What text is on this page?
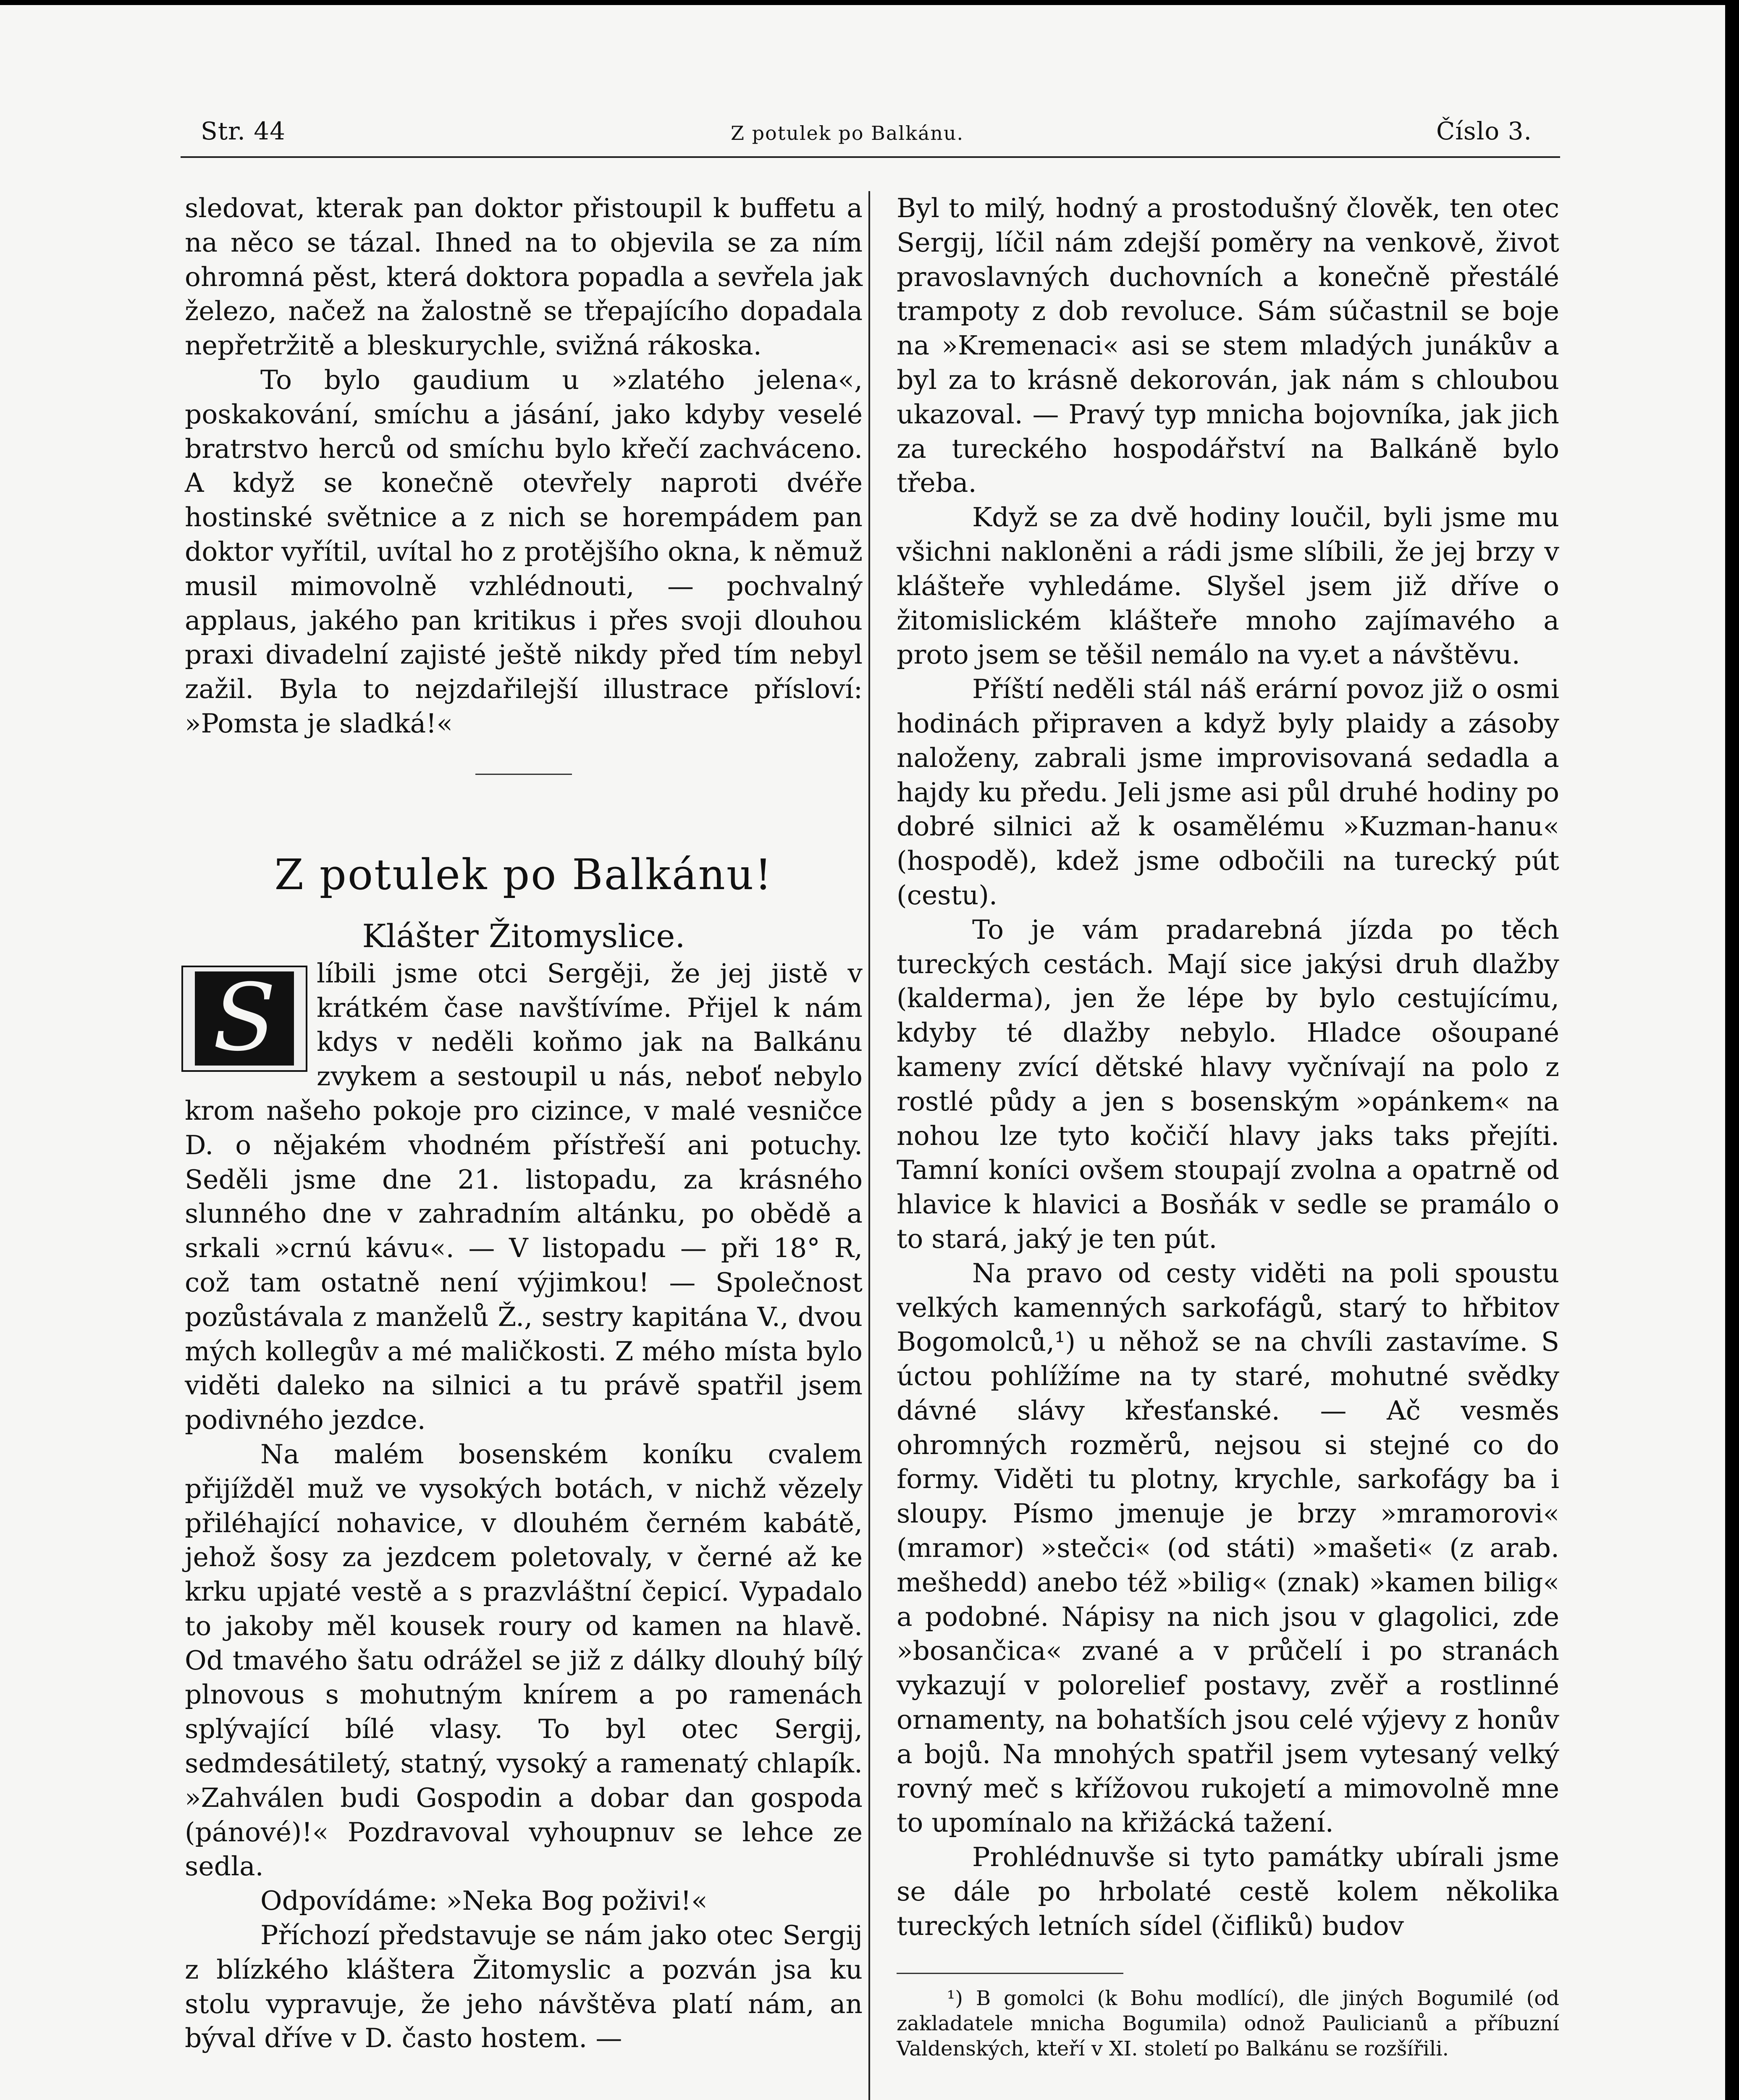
Str. 44	Z potulek po Balkánu.	Číslo 3.

sledovat, kterak pan doktor přistoupil k buffetu a na něco se tázal. Ihned na to objevila se za ním ohromná pěst, která doktora popadla a sevřela jak železo, načež na žalostně se třepajícího dopadala nepřetržitě a bleskurychle, svižná rákoska.

To bylo gaudium u »zlatého jelena«, poskakování, smíchu a jásání, jako kdyby veselé bratrstvo herců od smíchu bylo křečí zachváceno. A když se konečně otevřely naproti dvéře hostinské světnice a z nich se horempádem pan doktor vyřítil, uvítal ho z protějšího okna, k němuž musil mimovolně vzhlédnouti, — pochvalný applaus, jakého pan kritikus i přes svoji dlouhou praxi divadelní zajisté ještě nikdy před tím nebyl zažil. Byla to nejzdařilejší illustrace přísloví: »Pomsta je sladká!«

Z potulek po Balkánu!
Klášter Žitomyslice.

S	líbili jsme otci Sergěji, že jej jistě v krátkém čase navštívíme. Přijel k nám kdys v neděli koňmo jak na Balkánu zvykem a sestoupil u nás, neboť nebylo krom našeho pokoje pro cizince, v malé vesničce D. o nějakém vhodném přístřeší ani potuchy. Seděli jsme dne 21. listopadu, za krásného slunného dne v zahradním altánku, po obědě a srkali »crnú kávu«. — V listopadu — při 18° R, což tam ostatně není výjimkou! — Společnost pozůstávala z manželů Ž., sestry kapitána V., dvou mých kollegův a mé maličkosti. Z mého místa bylo viděti daleko na silnici a tu právě spatřil jsem podivného jezdce.

Na malém bosenském koníku cvalem přijížděl muž ve vysokých botách, v nichž vězely přiléhající nohavice, v dlouhém černém kabátě, jehož šosy za jezdcem poletovaly, v černé až ke krku upjaté vestě a s prazvláštní čepicí. Vypadalo to jakoby měl kousek roury od kamen na hlavě. Od tmavého šatu odrážel se již z dálky dlouhý bílý plnovous s mohutným knírem a po ramenách splývající bílé vlasy. To byl otec Sergij, sedmdesátiletý, statný, vysoký a ramenatý chlapík. »Zahválen budi Gospodin a dobar dan gospoda (pánové)!« Pozdravoval vyhoupnuv se lehce ze sedla.

Odpovídáme: »Neka Bog poživi!«

Příchozí představuje se nám jako otec Sergij z blízkého kláštera Žitomyslic a pozván jsa ku stolu vypravuje, že jeho návštěva platí nám, an býval dříve v D. často hostem. —

Byl to milý, hodný a prostodušný člověk, ten otec Sergij, líčil nám zdejší poměry na venkově, život pravoslavných duchovních a konečně přestálé trampoty z dob revoluce. Sám súčastnil se boje na »Kremenaci« asi se stem mladých junákův a byl za to krásně dekorován, jak nám s chloubou ukazoval. — Pravý typ mnicha bojovníka, jak jich za tureckého hospodářství na Balkáně bylo třeba.

Když se za dvě hodiny loučil, byli jsme mu všichni nakloněni a rádi jsme slíbili, že jej brzy v klášteře vyhledáme. Slyšel jsem již dříve o žitomislickém klášteře mnoho zajímavého a proto jsem se těšil nemálo na vy.et a návštěvu.

Příští neděli stál náš erární povoz již o osmi hodinách připraven a když byly plaidy a zásoby naloženy, zabrali jsme improvisovaná sedadla a hajdy ku předu. Jeli jsme asi půl druhé hodiny po dobré silnici až k osamělému »Kuzman-hanu« (hospodě), kdež jsme odbočili na turecký pút (cestu).

To je vám pradarebná jízda po těch tureckých cestách. Mají sice jakýsi druh dlažby (kalderma), jen že lépe by bylo cestujícímu, kdyby té dlažby nebylo. Hladce ošoupané kameny zvící dětské hlavy vyčnívají na polo z rostlé půdy a jen s bosenským »opánkem« na nohou lze tyto kočičí hlavy jaks taks přejíti. Tamní koníci ovšem stoupají zvolna a opatrně od hlavice k hlavici a Bosňák v sedle se pramálo o to stará, jaký je ten pút.

Na pravo od cesty viděti na poli spoustu velkých kamenných sarkofágů, starý to hřbitov Bogomolců,¹) u něhož se na chvíli zastavíme. S úctou pohlížíme na ty staré, mohutné svědky dávné slávy křesťanské. — Ač vesměs ohromných rozměrů, nejsou si stejné co do formy. Viděti tu plotny, krychle, sarkofágy ba i sloupy. Písmo jmenuje je brzy »mramorovi« (mramor) »stečci« (od státi) »mašeti« (z arab. mešhedd) anebo též »bilig« (znak) »kamen bilig« a podobné. Nápisy na nich jsou v glagolici, zde »bosančica« zvané a v průčelí i po stranách vykazují v polorelief postavy, zvěř a rostlinné ornamenty, na bohatších jsou celé výjevy z honův a bojů. Na mnohých spatřil jsem vytesaný velký rovný meč s křížovou rukojetí a mimovolně mne to upomínalo na křižácká tažení.

Prohlédnuvše si tyto památky ubírali jsme se dále po hrbolaté cestě kolem několika tureckých letních sídel (čifliků) budov

¹) B gomolci (k Bohu modlící), dle jiných Bogumilé (od zakladatele mnicha Bogumila) odnož Paulicianů a příbuzní Valdenských, kteří v XI. století po Balkánu se rozšířili.
